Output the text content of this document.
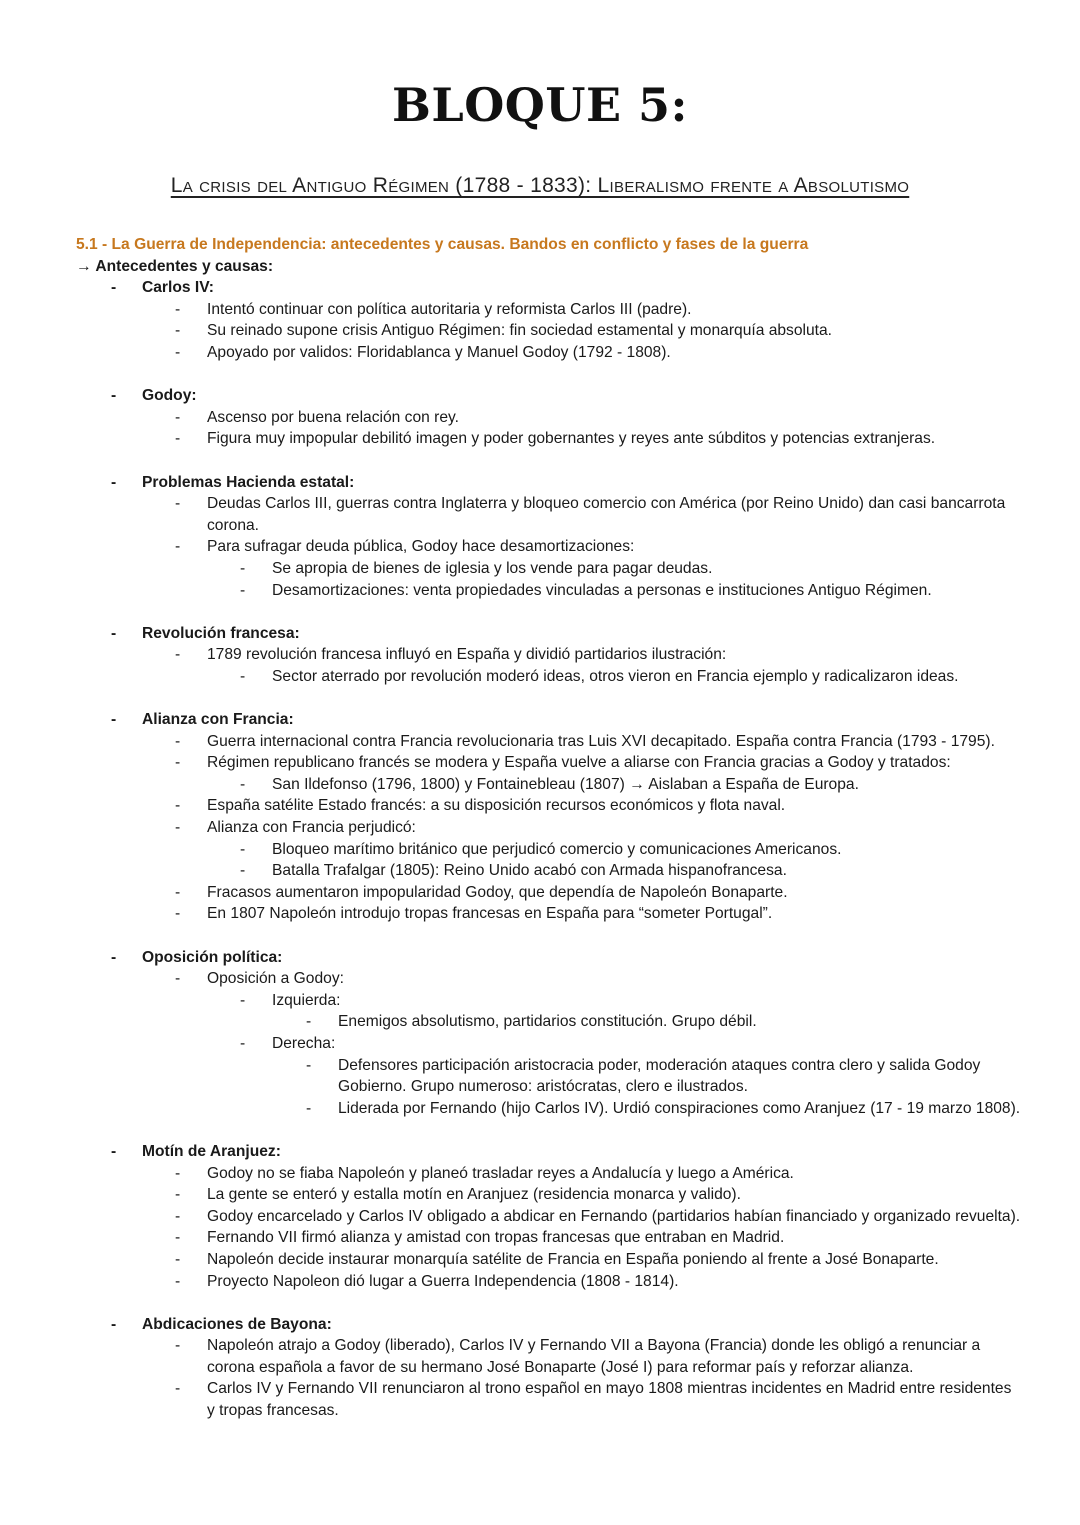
BLOQUE 5:
La crisis del Antiguo Régimen (1788 - 1833): Liberalismo frente a Absolutismo
5.1 - La Guerra de Independencia: antecedentes y causas. Bandos en conflicto y fases de la guerra
→ Antecedentes y causas:
- Carlos IV:
- Intentó continuar con política autoritaria y reformista Carlos III (padre).
- Su reinado supone crisis Antiguo Régimen: fin sociedad estamental y monarquía absoluta.
- Apoyado por validos: Floridablanca y Manuel Godoy (1792 - 1808).
- Godoy:
- Ascenso por buena relación con rey.
- Figura muy impopular debilitó imagen y poder gobernantes y reyes ante súbditos y potencias extranjeras.
- Problemas Hacienda estatal:
- Deudas Carlos III, guerras contra Inglaterra y bloqueo comercio con América (por Reino Unido) dan casi bancarrota
corona.
- Para sufragar deuda pública, Godoy hace desamortizaciones:
- Se apropia de bienes de iglesia y los vende para pagar deudas.
- Desamortizaciones: venta propiedades vinculadas a personas e instituciones Antiguo Régimen.
- Revolución francesa:
- 1789 revolución francesa influyó en España y dividió partidarios ilustración:
- Sector aterrado por revolución moderó ideas, otros vieron en Francia ejemplo y radicalizaron ideas.
- Alianza con Francia:
- Guerra internacional contra Francia revolucionaria tras Luis XVI decapitado. España contra Francia (1793 - 1795).
- Régimen republicano francés se modera y España vuelve a aliarse con Francia gracias a Godoy y tratados:
- San Ildefonso (1796, 1800) y Fontainebleau (1807) → Aislaban a España de Europa.
- España satélite Estado francés: a su disposición recursos económicos y flota naval.
- Alianza con Francia perjudicó:
- Bloqueo marítimo británico que perjudicó comercio y comunicaciones Americanos.
- Batalla Trafalgar (1805): Reino Unido acabó con Armada hispanofrancesa.
- Fracasos aumentaron impopularidad Godoy, que dependía de Napoleón Bonaparte.
- En 1807 Napoleón introdujo tropas francesas en España para “someter Portugal”.
- Oposición política:
- Oposición a Godoy:
- Izquierda:
- Enemigos absolutismo, partidarios constitución. Grupo débil.
- Derecha:
- Defensores participación aristocracia poder, moderación ataques contra clero y salida Godoy
Gobierno. Grupo numeroso: aristócratas, clero e ilustrados.
- Liderada por Fernando (hijo Carlos IV). Urdió conspiraciones como Aranjuez (17 - 19 marzo 1808).
- Motín de Aranjuez:
- Godoy no se fiaba Napoleón y planeó trasladar reyes a Andalucía y luego a América.
- La gente se enteró y estalla motín en Aranjuez (residencia monarca y valido).
- Godoy encarcelado y Carlos IV obligado a abdicar en Fernando (partidarios habían financiado y organizado revuelta).
- Fernando VII firmó alianza y amistad con tropas francesas que entraban en Madrid.
- Napoleón decide instaurar monarquía satélite de Francia en España poniendo al frente a José Bonaparte.
- Proyecto Napoleon dió lugar a Guerra Independencia (1808 - 1814).
- Abdicaciones de Bayona:
- Napoleón atrajo a Godoy (liberado), Carlos IV y Fernando VII a Bayona (Francia) donde les obligó a renunciar a
corona española a favor de su hermano José Bonaparte (José I) para reformar país y reforzar alianza.
- Carlos IV y Fernando VII renunciaron al trono español en mayo 1808 mientras incidentes en Madrid entre residentes
y tropas francesas.
